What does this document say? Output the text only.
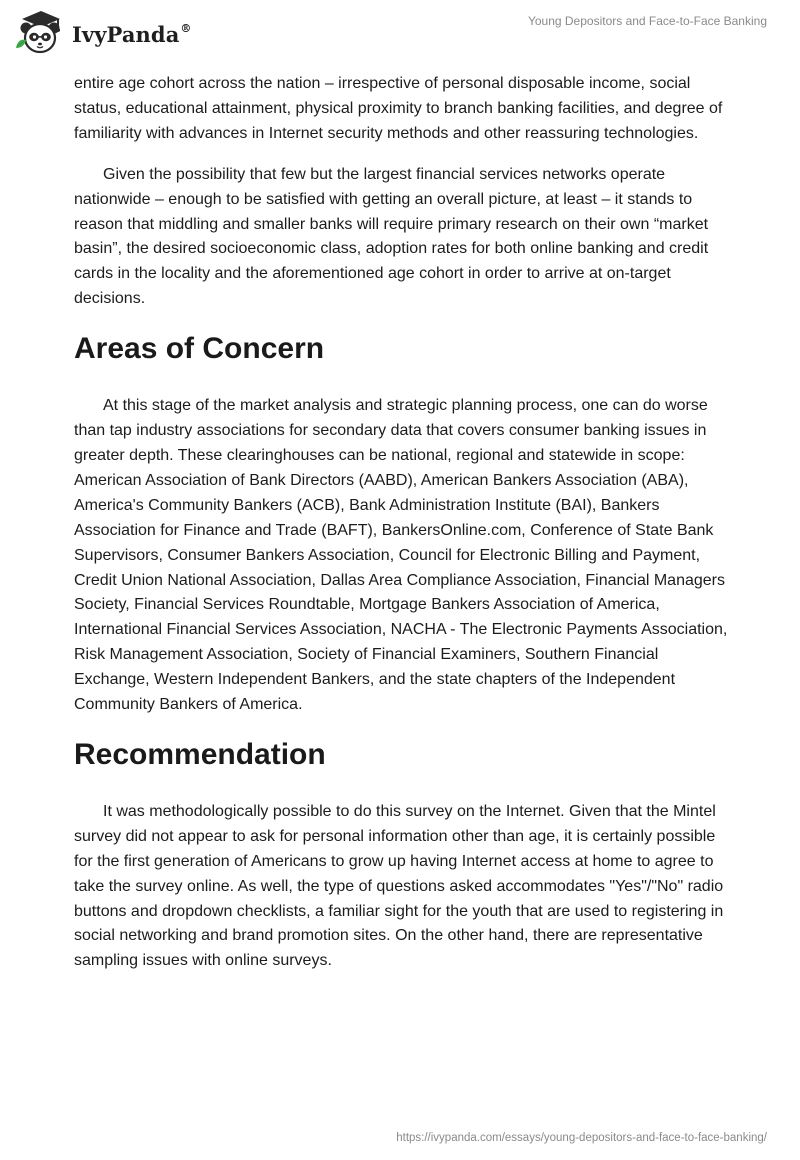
IvyPanda®	Young Depositors and Face-to-Face Banking

entire age cohort across the nation – irrespective of personal disposable income, social status, educational attainment, physical proximity to branch banking facilities, and degree of familiarity with advances in Internet security methods and other reassuring technologies.

Given the possibility that few but the largest financial services networks operate nationwide – enough to be satisfied with getting an overall picture, at least – it stands to reason that middling and smaller banks will require primary research on their own “market basin”, the desired socioeconomic class, adoption rates for both online banking and credit cards in the locality and the aforementioned age cohort in order to arrive at on-target decisions.

Areas of Concern

At this stage of the market analysis and strategic planning process, one can do worse than tap industry associations for secondary data that covers consumer banking issues in greater depth. These clearinghouses can be national, regional and statewide in scope: American Association of Bank Directors (AABD), American Bankers Association (ABA), America's Community Bankers (ACB), Bank Administration Institute (BAI), Bankers Association for Finance and Trade (BAFT), BankersOnline.com, Conference of State Bank Supervisors, Consumer Bankers Association, Council for Electronic Billing and Payment, Credit Union National Association, Dallas Area Compliance Association, Financial Managers Society, Financial Services Roundtable, Mortgage Bankers Association of America, International Financial Services Association, NACHA - The Electronic Payments Association, Risk Management Association, Society of Financial Examiners, Southern Financial Exchange, Western Independent Bankers, and the state chapters of the Independent Community Bankers of America.

Recommendation

It was methodologically possible to do this survey on the Internet. Given that the Mintel survey did not appear to ask for personal information other than age, it is certainly possible for the first generation of Americans to grow up having Internet access at home to agree to take the survey online. As well, the type of questions asked accommodates "Yes"/"No" radio buttons and dropdown checklists, a familiar sight for the youth that are used to registering in social networking and brand promotion sites. On the other hand, there are representative sampling issues with online surveys.

https://ivypanda.com/essays/young-depositors-and-face-to-face-banking/
